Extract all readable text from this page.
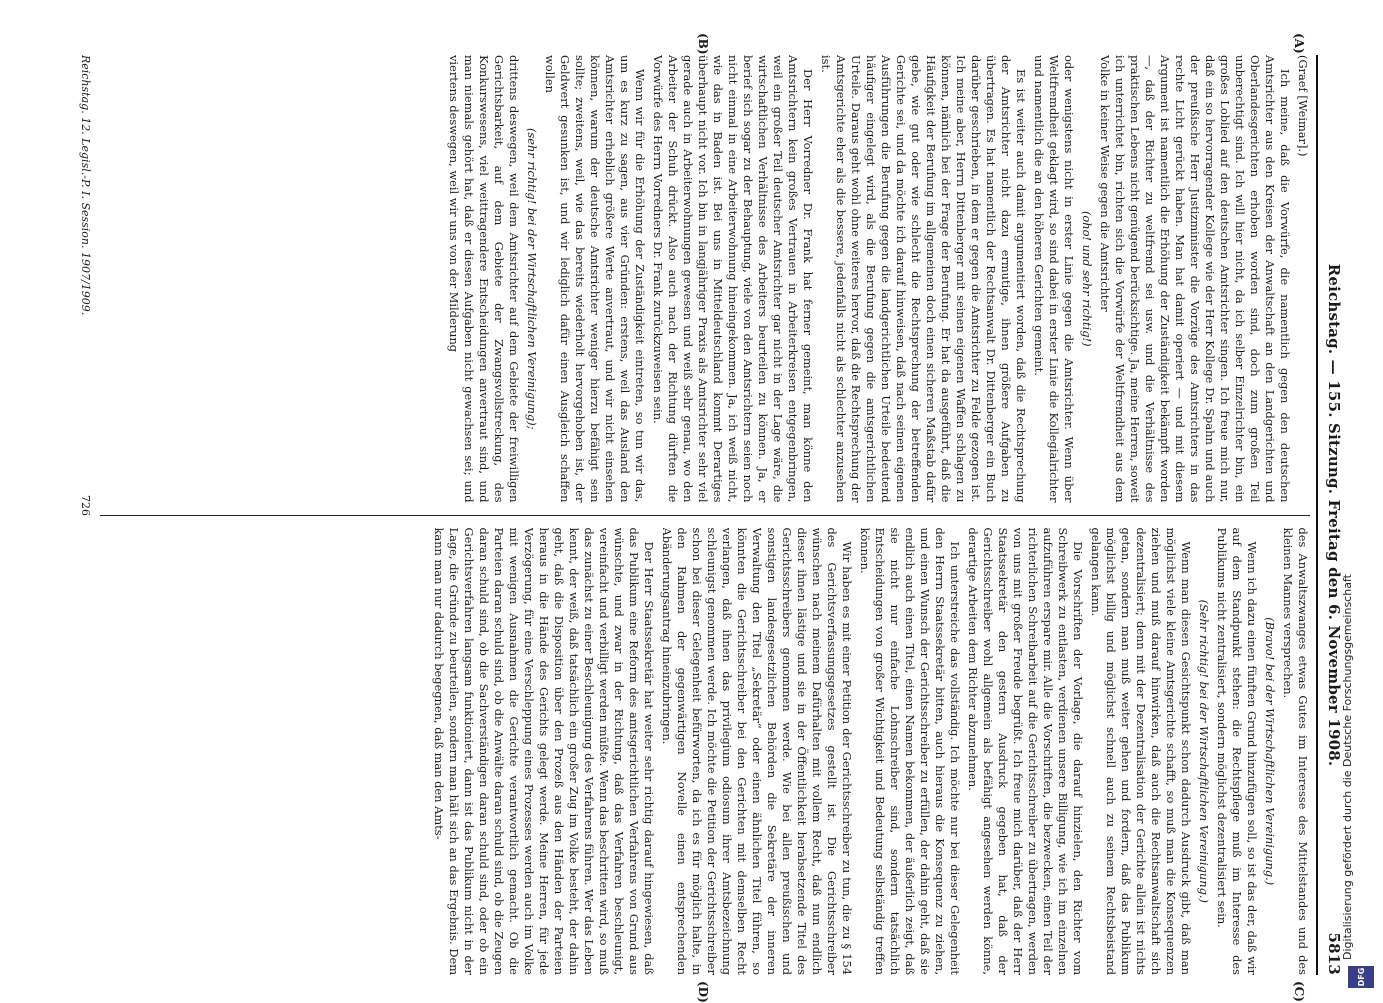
Reichstag. — 155. Sitzung. Freitag den 6. November 1908.
5813

(Graef [Weimar].)

Ich meine, daß die Vorwürfe, die namentlich gegen den deutschen Amtsrichter aus den Kreisen der Anwaltschaft an den Landgerichten und Oberlandesgerichten erhoben worden sind, doch zum großen Teil unberechtigt sind. Ich will hier nicht, da ich selber Einzelrichter bin, ein großes Loblied auf den deutschen Amtsrichter singen. Ich freue mich nur, daß ein so hervorragender Kollege wie der Herr Kollege Dr. Spahn und auch der preußische Herr Justizminister die Vorzüge des Amtsrichters in das rechte Licht gerückt haben. Man hat damit operiert — und mit diesem Argument ist namentlich die Erhöhung der Zuständigkeit bekämpft worden —, daß der Richter zu weltfremd sei usw. und die Verhältnisse des praktischen Lebens nicht genügend berücksichtige. Ja, meine Herren, soweit ich unterrichtet bin, richten sich die Vorwürfe der Weltfremdheit aus dem Volke in keiner Weise gegen die Amtsrichter

(oho! und sehr richtig!)

oder wenigstens nicht in erster Linie gegen die Amtsrichter. Wenn über Weltfremdheit geklagt wird, so sind dabei in erster Linie die Kollegialrichter und namentlich die an den höheren Gerichten gemeint.

Es ist weiter auch damit argumentiert worden, daß die Rechtsprechung der Amtsrichter nicht dazu ermutige, ihnen größere Aufgaben zu übertragen. Es hat namentlich der Rechtsanwalt Dr. Dittenberger ein Buch darüber geschrieben, in dem er gegen die Amtsrichter zu Felde gezogen ist. Ich meine aber, Herrn Dittenberger mit seinen eigenen Waffen schlagen zu können, nämlich bei der Frage der Berufung. Er hat da ausgeführt, daß die Häufigkeit der Berufung im allgemeinen doch einen sicheren Maßstab dafür gebe, wie gut oder wie schlecht die Rechtsprechung der betreffenden Gerichte sei, und da möchte ich darauf hinweisen, daß nach seinen eigenen Ausführungen die Berufung gegen die landgerichtlichen Urteile bedeutend häufiger eingelegt wird, als die Berufung gegen die amtsgerichtlichen Urteile. Daraus geht wohl ohne weiteres hervor, daß die Rechtsprechung der Amtsgerichte eher als die bessere, jedenfalls nicht als schlechter anzusehen ist.

Der Herr Vorredner Dr. Frank hat ferner gemeint, man könne den Amtsrichtern kein großes Vertrauen in Arbeiterkreisen entgegenbringen, weil ein großer Teil deutscher Amtsrichter gar nicht in der Lage wäre, die wirtschaftlichen Verhältnisse des Arbeiters beurteilen zu können. Ja, er berief sich sogar zu der Behauptung, viele von den Amtsrichtern seien noch nicht einmal in eine Arbeiterwohnung hineingekommen. Ja, ich weiß nicht, wie das in Baden ist. Bei uns in Mitteldeutschland kommt Derartiges überhaupt nicht vor. Ich bin in langjähriger Praxis als Amtsrichter sehr viel gerade auch in Arbeiterwohnungen gewesen und weiß sehr genau, wo den Arbeiter der Schuh drückt. Also auch nach der Richtung dürften die Vorwürfe des Herrn Vorredners Dr. Frank zurückzuweisen sein.

Wenn wir für die Erhöhung der Zuständigkeit eintreten, so tun wir das, um es kurz zu sagen, aus vier Gründen: erstens, weil das Ausland den Amtsrichter erheblich größere Werte anvertraut, und wir nicht einsehen können, warum der deutsche Amtsrichter weniger hierzu befähigt sein sollte; zweitens, weil, wie das bereits wiederholt hervorgehoben ist, der Geldwert gesunken ist, und wir lediglich dafür einen Ausgleich schaffen wollen

(sehr richtig! bei der Wirtschaftlichen Vereinigung);

drittens deswegen, weil dem Amtsrichter auf dem Gebiete der freiwilligen Gerichtsbarkeit, auf dem Gebiete der Zwangsvollstreckung, des Konkurswesens, viel weittragendere Entscheidungen anvertraut sind, und man niemals gehört hat, daß er diesen Aufgaben nicht gewachsen sei; und viertens deswegen, weil wir uns von der Milderung

des Anwaltszwanges etwas Gutes im Interesse des Mittelstandes und des kleinen Mannes versprechen.

(Bravo! bei der Wirtschaftlichen Vereinigung.)

Wenn ich dazu einen fünften Grund hinzufügen soll, so ist das der, daß wir auf dem Standpunkt stehen: die Rechtspflege muß im Interesse des Publikums nicht zentralisiert, sondern möglichst dezentralisiert sein.

(Sehr richtig! bei der Wirtschaftlichen Vereinigung.)

Wenn man diesen Gesichtspunkt schon dadurch Ausdruck gibt, daß man möglichst viele kleine Amtsgerichte schafft, so muß man die Konsequenzen ziehen und muß darauf hinwirken, daß auch die Rechtsanwaltschaft sich dezentralisiert; denn mit der Dezentralisation der Gerichte allein ist nichts getan, sondern man muß weiter gehen und fordern, daß das Publikum möglichst billig und möglichst schnell auch zu seinem Rechtsbeistand gelangen kann.

Die Vorschriften der Vorlage, die darauf hinzielen, den Richter vom Schreibwerk zu entlasten, verdienen unsere Billigung, wie ich im einzelnen aufzuführen erspare mir. Alle die Vorschriften, die bezwecken, einen Teil der richterlichen Schreibarbeit auf die Gerichtsschreiber zu übertragen, werden von uns mit großer Freude begrüßt. Ich freue mich darüber, daß der Herr Staatssekretär den gestern Ausdruck gegeben hat, daß der Gerichtsschreiber wohl allgemein als befähigt angesehen werden könne, derartige Arbeiten dem Richter abzunehmen.

Ich unterstreiche das vollständig. Ich möchte nur bei dieser Gelegenheit den Herrn Staatssekretär bitten, auch hieraus die Konsequenz zu ziehen, und einen Wunsch der Gerichtsschreiber zu erfüllen, der dahin geht, daß sie endlich auch einen Titel, einen Namen bekommen, der äußerlich zeigt, daß sie nicht nur einfache Lohnschreiber sind, sondern tatsächlich Entscheidungen von großer Wichtigkeit und Bedeutung selbständig treffen können.

Wir haben es mit einer Petition der Gerichtsschreiber zu tun, die zu § 154 des Gerichtsverfassungsgesetzes gestellt ist. Die Gerichtsschreiber wünschen nach meinem Dafürhalten mit vollem Recht, daß nun endlich dieser ihnen lästige und sie in der Öffentlichkeit herabsetzende Titel des Gerichtsschreibers genommen werde. Wie bei allen preußischen und sonstigen landesgesetzlichen Behörden die Sekretäre der inneren Verwaltung den Titel „Sekretär“ oder einen ähnlichen Titel führen, so könnten die Gerichtsschreiber bei den Gerichten mit demselben Recht verlangen, daß ihnen das privilegium odiosum ihrer Amtsbezeichnung schleunigst genommen werde. Ich möchte die Petition der Gerichtsschreiber schon bei dieser Gelegenheit befürworten, da ich es für möglich halte, in den Rahmen der gegenwärtigen Novelle einen entsprechenden Abänderungsantrag hineinzubringen.

Der Herr Staatssekretär hat weiter sehr richtig darauf hingewiesen, daß das Publikum eine Reform des amtsgerichtlichen Verfahrens von Grund aus wünschte, und zwar in der Richtung, daß das Verfahren beschleunigt, vereinfacht und verbilligt werden müßte. Wenn das beschritten wird, so muß das zunächst zu einer Beschleunigung des Verfahrens führen. Wer das Leben kennt, der weiß, daß tatsächlich ein großer Zug im Volke besteht, der dahin geht, daß die Disposition über den Prozeß aus den Händen der Parteien heraus in die Hände des Gerichts gelegt werde. Meine Herren, für jede Verzögerung, für eine Verschleppung eines Prozesses werden auch im Volke mit wenigen Ausnahmen die Gerichte verantwortlich gemacht. Ob die Parteien daran schuld sind, ob die Anwälte daran schuld sind, ob die Zeugen daran schuld sind, ob die Sachverständigen daran schuld sind, oder ob ein Gerichtsverfahren langsam funktioniert, dann ist das Publikum nicht in der Lage, die Gründe zu beurteilen, sondern man hält sich an das Ergebnis. Dem kann man nur dadurch begegnen, daß man den Amts-

(A)
(B)
(C)
(D)
Reichstag. 12. Legisl.-P. I. Session. 1907/1909.
726
Digitalisierung gefördert durch die Deutsche Forschungsgemeinschaft
DFG
